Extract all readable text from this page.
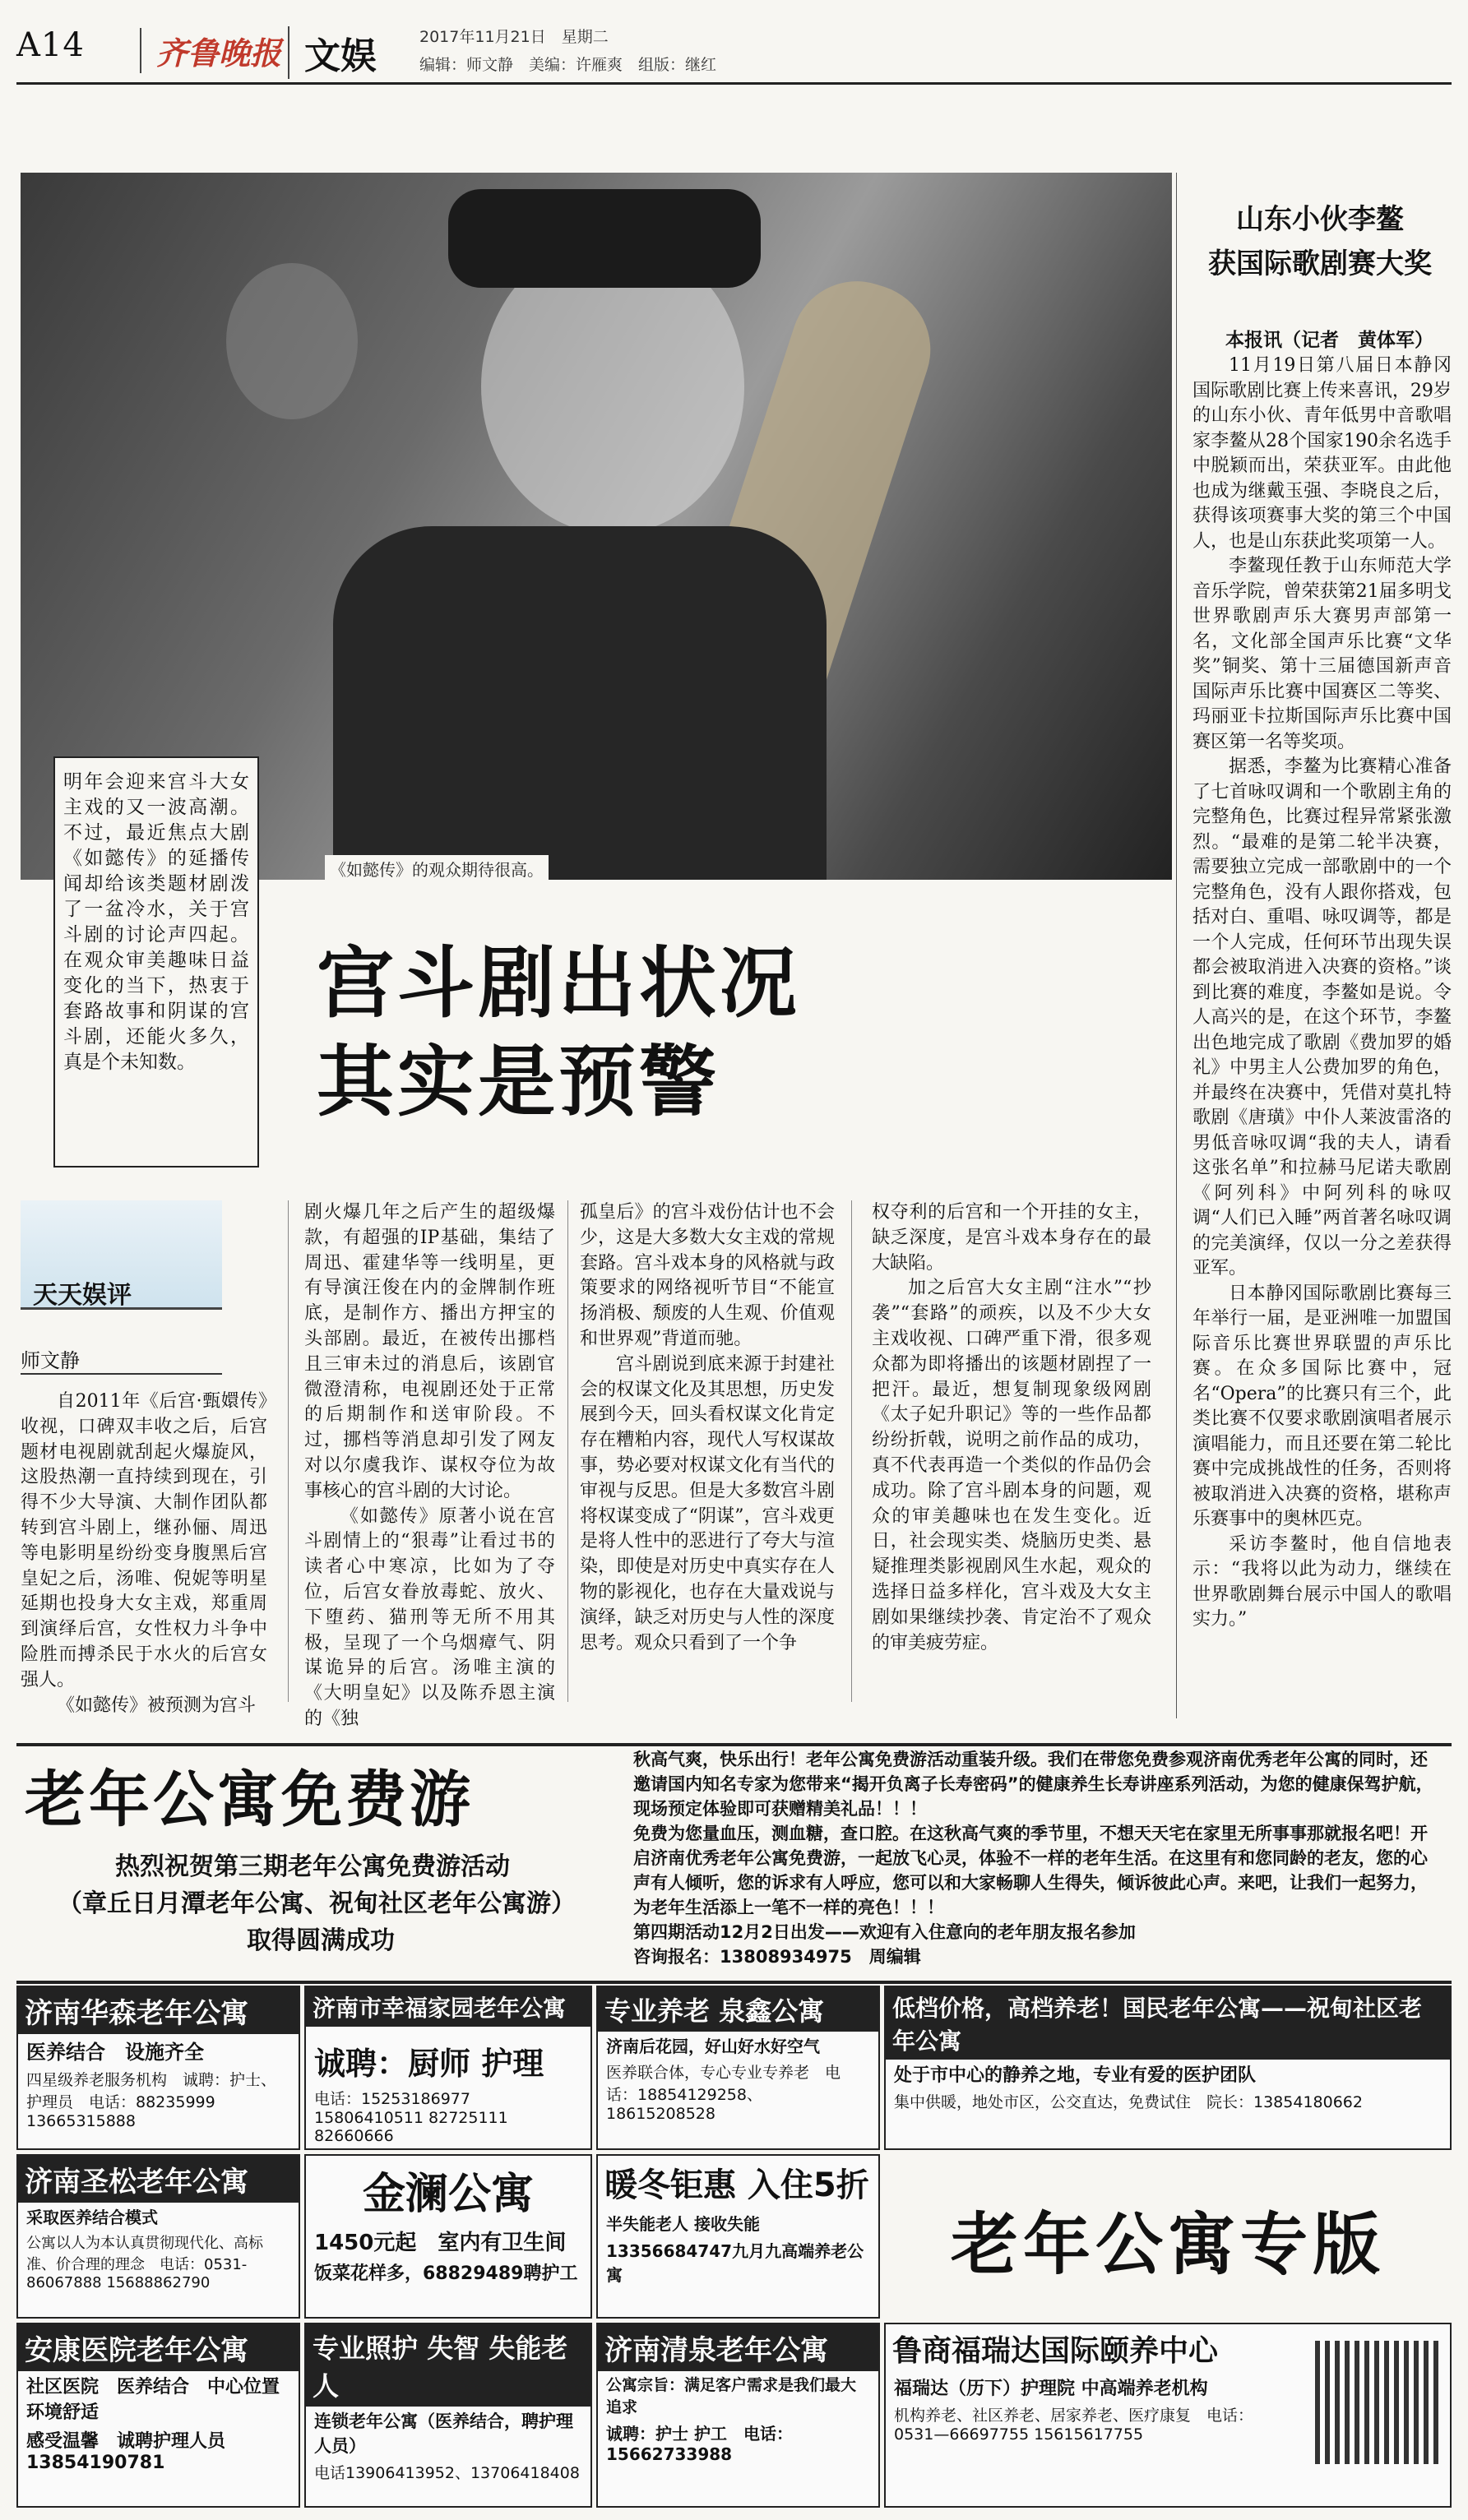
A14	齐鲁晚报 文娱	2017年11月21日　星期二
编辑：师文静　美编：许雁爽　组版：继红
《如懿传》的观众期待很高。
明年会迎来宫斗大女主戏的又一波高潮。不过，最近焦点大剧《如懿传》的延播传闻却给该类题材剧泼了一盆冷水，关于宫斗剧的讨论声四起。在观众审美趣味日益变化的当下，热衷于套路故事和阴谋的宫斗剧，还能火多久，真是个未知数。
宫斗剧出状况
其实是预警
山东小伙李鳌
获国际歌剧赛大奖
本报讯（记者　黄体军）

11月19日第八届日本静冈国际歌剧比赛上传来喜讯，29岁的山东小伙、青年低男中音歌唱家李鳌从28个国家190余名选手中脱颖而出，荣获亚军。由此他也成为继戴玉强、李晓良之后，获得该项赛事大奖的第三个中国人，也是山东获此奖项第一人。

李鳌现任教于山东师范大学音乐学院，曾荣获第21届多明戈世界歌剧声乐大赛男声部第一名，文化部全国声乐比赛“文华奖”铜奖、第十三届德国新声音国际声乐比赛中国赛区二等奖、玛丽亚卡拉斯国际声乐比赛中国赛区第一名等奖项。

据悉，李鳌为比赛精心准备了七首咏叹调和一个歌剧主角的完整角色，比赛过程异常紧张激烈。“最难的是第二轮半决赛，需要独立完成一部歌剧中的一个完整角色，没有人跟你搭戏，包括对白、重唱、咏叹调等，都是一个人完成，任何环节出现失误都会被取消进入决赛的资格。”谈到比赛的难度，李鳌如是说。令人高兴的是，在这个环节，李鳌出色地完成了歌剧《费加罗的婚礼》中男主人公费加罗的角色，并最终在决赛中，凭借对莫扎特歌剧《唐璜》中仆人莱波雷洛的男低音咏叹调“我的夫人，请看这张名单”和拉赫马尼诺夫歌剧《阿列科》中阿列科的咏叹调“人们已入睡”两首著名咏叹调的完美演绎，仅以一分之差获得亚军。

日本静冈国际歌剧比赛每三年举行一届，是亚洲唯一加盟国际音乐比赛世界联盟的声乐比赛。在众多国际比赛中，冠名“Opera”的比赛只有三个，此类比赛不仅要求歌剧演唱者展示演唱能力，而且还要在第二轮比赛中完成挑战性的任务，否则将被取消进入决赛的资格，堪称声乐赛事中的奥林匹克。

采访李鳌时，他自信地表示：“我将以此为动力，继续在世界歌剧舞台展示中国人的歌唱实力。”

天天娱评
师文静

自2011年《后宫·甄嬛传》收视，口碑双丰收之后，后宫题材电视剧就刮起火爆旋风，这股热潮一直持续到现在，引得不少大导演、大制作团队都转到宫斗剧上，继孙俪、周迅等电影明星纷纷变身腹黑后宫皇妃之后，汤唯、倪妮等明星延期也投身大女主戏，郑重周到演绎后宫，女性权力斗争中险胜而搏杀民于水火的后宫女强人。

《如懿传》被预测为宫斗

剧火爆几年之后产生的超级爆款，有超强的IP基础，集结了周迅、霍建华等一线明星，更有导演汪俊在内的金牌制作班底，是制作方、播出方押宝的头部剧。最近，在被传出挪档且三审未过的消息后，该剧官微澄清称，电视剧还处于正常的后期制作和送审阶段。不过，挪档等消息却引发了网友对以尔虞我诈、谋权夺位为故事核心的宫斗剧的大讨论。

《如懿传》原著小说在宫斗剧情上的“狠毒”让看过书的读者心中寒凉，比如为了夺位，后宫女眷放毒蛇、放火、下堕药、猫刑等无所不用其极，呈现了一个乌烟瘴气、阴谋诡异的后宫。汤唯主演的《大明皇妃》以及陈乔恩主演的《独

孤皇后》的宫斗戏份估计也不会少，这是大多数大女主戏的常规套路。宫斗戏本身的风格就与政策要求的网络视听节目“不能宣扬消极、颓废的人生观、价值观和世界观”背道而驰。

宫斗剧说到底来源于封建社会的权谋文化及其思想，历史发展到今天，回头看权谋文化肯定存在糟粕内容，现代人写权谋故事，势必要对权谋文化有当代的审视与反思。但是大多数宫斗剧将权谋变成了“阴谋”，宫斗戏更是将人性中的恶进行了夸大与渲染，即使是对历史中真实存在人物的影视化，也存在大量戏说与演绎，缺乏对历史与人性的深度思考。观众只看到了一个争

权夺利的后宫和一个开挂的女主，缺乏深度，是宫斗戏本身存在的最大缺陷。

加之后宫大女主剧“注水”“抄袭”“套路”的顽疾，以及不少大女主戏收视、口碑严重下滑，很多观众都为即将播出的该题材剧捏了一把汗。最近，想复制现象级网剧《太子妃升职记》等的一些作品都纷纷折戟，说明之前作品的成功，真不代表再造一个类似的作品仍会成功。除了宫斗剧本身的问题，观众的审美趣味也在发生变化。近日，社会现实类、烧脑历史类、悬疑推理类影视剧风生水起，观众的选择日益多样化，宫斗戏及大女主剧如果继续抄袭、肯定治不了观众的审美疲劳症。

老年公寓免费游
热烈祝贺第三期老年公寓免费游活动
（章丘日月潭老年公寓、祝甸社区老年公寓游）
取得圆满成功

秋高气爽，快乐出行！老年公寓免费游活动重装升级。我们在带您免费参观济南优秀老年公寓的同时，还邀请国内知名专家为您带来“揭开负离子长寿密码”的健康养生长寿讲座系列活动，为您的健康保驾护航，现场预定体验即可获赠精美礼品！！！

免费为您量血压，测血糖，查口腔。在这秋高气爽的季节里，不想天天宅在家里无所事事那就报名吧！开启济南优秀老年公寓免费游，一起放飞心灵，体验不一样的老年生活。在这里有和您同龄的老友，您的心声有人倾听，您的诉求有人呼应，您可以和大家畅聊人生得失，倾诉彼此心声。来吧，让我们一起努力，为老年生活添上一笔不一样的亮色！！！

第四期活动12月2日出发——欢迎有入住意向的老年朋友报名参加

咨询报名：13808934975　周编辑

济南华森老年公寓
医养结合　设施齐全
四星级养老服务机构　诚聘：护士、护理员　电话：88235999 13665315888
济南市幸福家园老年公寓
诚聘：厨师 护理
电话：15253186977 15806410511 82725111 82660666
专业养老 泉鑫公寓
济南后花园，好山好水好空气
医养联合体，专心专业专养老　电话：18854129258、18615208528
低档价格，高档养老！国民老年公寓——祝甸社区老年公寓
处于市中心的静养之地，专业有爱的医护团队
集中供暖，地处市区，公交直达，免费试住　院长：13854180662
济南圣松老年公寓
采取医养结合模式
公寓以人为本认真贯彻现代化、高标准、价合理的理念　电话：0531-86067888 15688862790
金澜公寓
1450元起　室内有卫生间
饭菜花样多，68829489聘护工
暖冬钜惠 入住5折
半失能老人 接收失能
13356684747九月九高端养老公寓	老年公寓专版
安康医院老年公寓
社区医院　医养结合　中心位置　环境舒适
感受温馨　诚聘护理人员　13854190781
专业照护 失智 失能老人
连锁老年公寓（医养结合，聘护理人员）
电话13906413952、13706418408
济南清泉老年公寓
公寓宗旨：满足客户需求是我们最大追求
诚聘：护士 护工　电话：15662733988
鲁商福瑞达国际颐养中心
福瑞达（历下）护理院 中高端养老机构
机构养老、社区养老、居家养老、医疗康复　电话：0531—66697755 15615617755
